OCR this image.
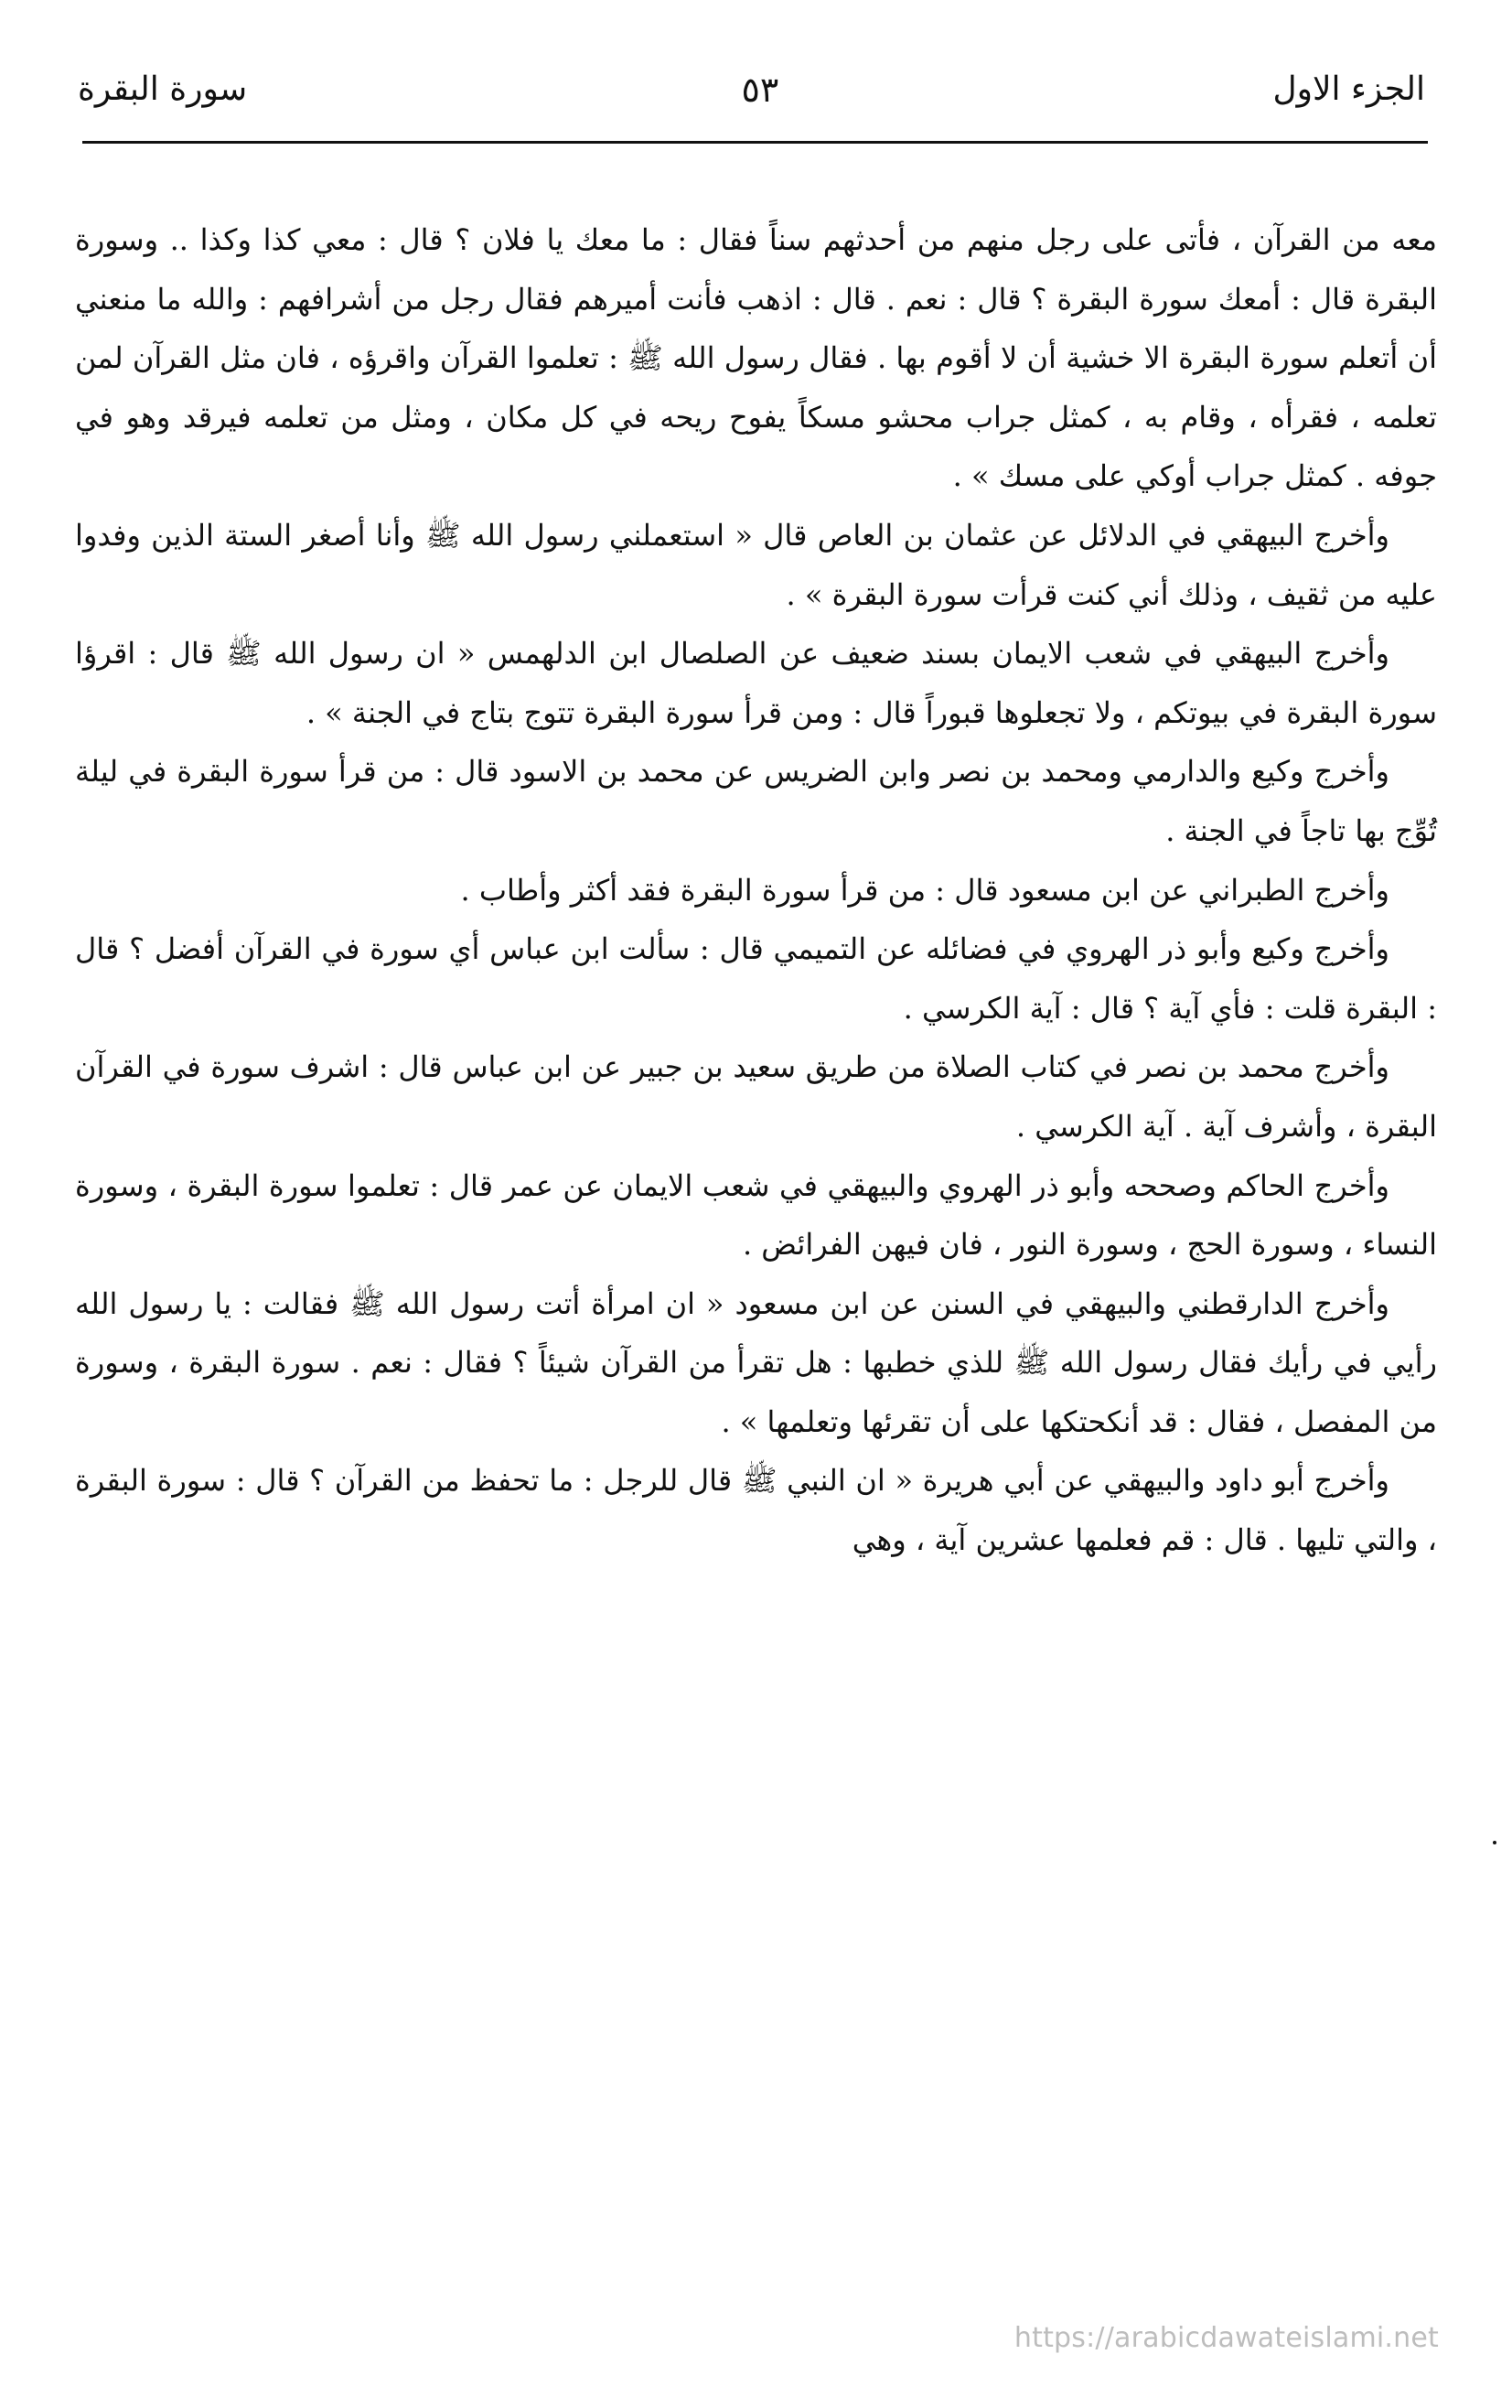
الجزء الاول
٥٣
سورة البقرة

معه من القرآن ، فأتى على رجل منهم من أحدثهم سناً فقال : ما معك يا فلان ؟ قال : معي كذا وكذا .. وسورة البقرة قال : أمعك سورة البقرة ؟ قال : نعم . قال : اذهب فأنت أميرهم فقال رجل من أشرافهم : والله ما منعني أن أتعلم سورة البقرة الا خشية أن لا أقوم بها . فقال رسول الله ﷺ : تعلموا القرآن واقرؤه ، فان مثل القرآن لمن تعلمه ، فقرأه ، وقام به ، كمثل جراب محشو مسكاً يفوح ريحه في كل مكان ، ومثل من تعلمه فيرقد وهو في جوفه . كمثل جراب أوكي على مسك » .

وأخرج البيهقي في الدلائل عن عثمان بن العاص قال « استعملني رسول الله ﷺ وأنا أصغر الستة الذين وفدوا عليه من ثقيف ، وذلك أني كنت قرأت سورة البقرة » .

وأخرج البيهقي في شعب الايمان بسند ضعيف عن الصلصال ابن الدلهمس « ان رسول الله ﷺ قال : اقرؤا سورة البقرة في بيوتكم ، ولا تجعلوها قبوراً قال : ومن قرأ سورة البقرة تتوج بتاج في الجنة » .

وأخرج وكيع والدارمي ومحمد بن نصر وابن الضريس عن محمد بن الاسود قال : من قرأ سورة البقرة في ليلة تُوِّج بها تاجاً في الجنة .

وأخرج الطبراني عن ابن مسعود قال : من قرأ سورة البقرة فقد أكثر وأطاب .

وأخرج وكيع وأبو ذر الهروي في فضائله عن التميمي قال : سألت ابن عباس أي سورة في القرآن أفضل ؟ قال : البقرة قلت : فأي آية ؟ قال : آية الكرسي .

وأخرج محمد بن نصر في كتاب الصلاة من طريق سعيد بن جبير عن ابن عباس قال : اشرف سورة في القرآن البقرة ، وأشرف آية . آية الكرسي .

وأخرج الحاكم وصححه وأبو ذر الهروي والبيهقي في شعب الايمان عن عمر قال : تعلموا سورة البقرة ، وسورة النساء ، وسورة الحج ، وسورة النور ، فان فيهن الفرائض .

وأخرج الدارقطني والبيهقي في السنن عن ابن مسعود « ان امرأة أتت رسول الله ﷺ فقالت : يا رسول الله رأيي في رأيك فقال رسول الله ﷺ للذي خطبها : هل تقرأ من القرآن شيئاً ؟ فقال : نعم . سورة البقرة ، وسورة من المفصل ، فقال : قد أنكحتكها على أن تقرئها وتعلمها » .

وأخرج أبو داود والبيهقي عن أبي هريرة « ان النبي ﷺ قال للرجل : ما تحفظ من القرآن ؟ قال : سورة البقرة ، والتي تليها . قال : قم فعلمها عشرين آية ، وهي

https://arabicdawateislami.net
